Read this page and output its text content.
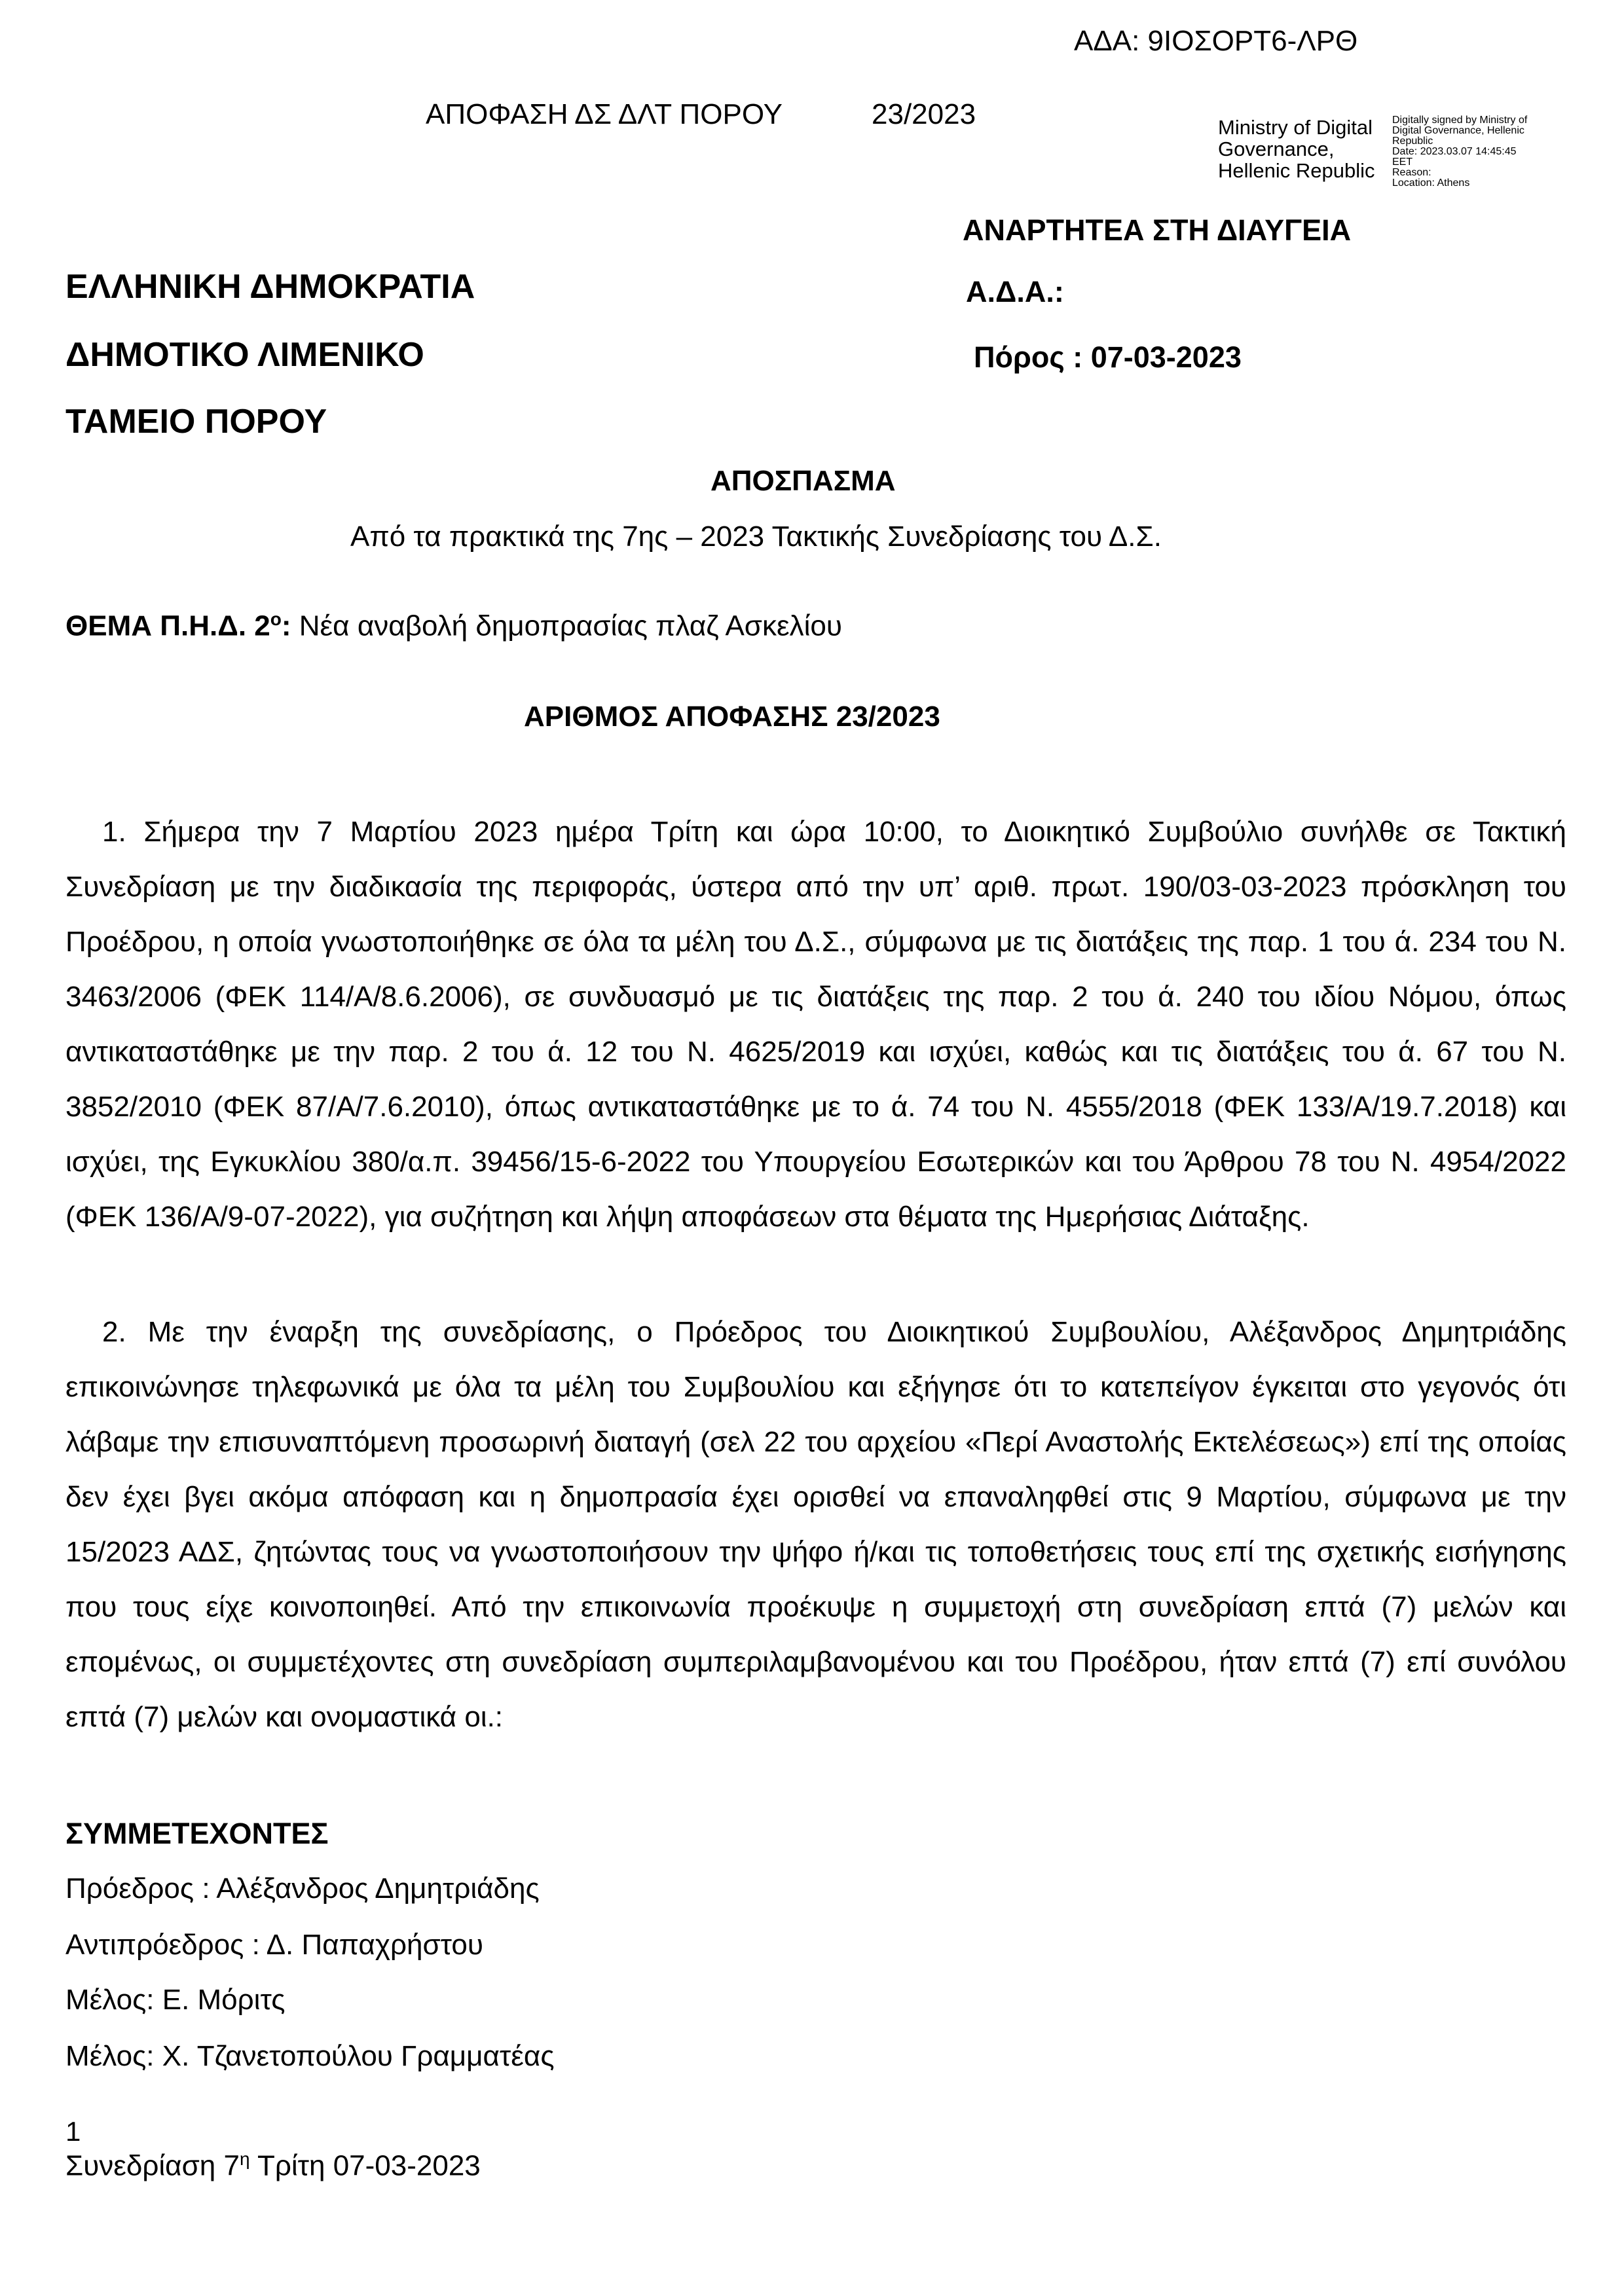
ΑΔΑ: 9ΙΟΣΟΡΤ6-ΛΡΘ
ΑΠΟΦΑΣΗ ΔΣ ΔΛΤ ΠΟΡΟΥ	23/2023	Ministry of Digital
Governance,
Hellenic Republic
Digitally signed by Ministry of
Digital Governance, Hellenic
Republic
Date: 2023.03.07 14:45:45
EET
Reason:
Location: Athens
ΑΝΑΡΤΗΤΕΑ ΣΤΗ ΔΙΑΥΓΕΙΑ
Α.Δ.Α.:
Πόρος : 07-03-2023
ΕΛΛΗΝΙΚΗ ΔΗΜΟΚΡΑΤΙΑ
ΔΗΜΟΤΙΚΟ ΛΙΜΕΝΙΚΟ
ΤΑΜΕΙΟ ΠΟΡΟΥ
ΑΠΟΣΠΑΣΜΑ
Από τα πρακτικά της 7ης – 2023 Τακτικής Συνεδρίασης του Δ.Σ.
ΘΕΜΑ Π.Η.Δ. $2^o$: Νέα αναβολή δημοπρασίας πλαζ Ασκελίου
ΑΡΙΘΜΟΣ ΑΠΟΦΑΣΗΣ 23/2023

1. Σήμερα την 7 Μαρτίου 2023 ημέρα Τρίτη και ώρα 10:00, το Διοικητικό Συμβούλιο συνήλθε σε Τακτική Συνεδρίαση με την διαδικασία της περιφοράς, ύστερα από την υπ’ αριθ. πρωτ. 190/03-03-2023 πρόσκληση του Προέδρου, η οποία γνωστοποιήθηκε σε όλα τα μέλη του Δ.Σ., σύμφωνα με τις διατάξεις της παρ. 1 του ά. 234 του Ν. 3463/2006 (ΦΕΚ 114/Α/8.6.2006), σε συνδυασμό με τις διατάξεις της παρ. 2 του ά. 240 του ιδίου Νόμου, όπως αντικαταστάθηκε με την παρ. 2 του ά. 12 του Ν. 4625/2019 και ισχύει, καθώς και τις διατάξεις του ά. 67 του Ν. 3852/2010 (ΦΕΚ 87/Α/7.6.2010), όπως αντικαταστάθηκε με το ά. 74 του Ν. 4555/2018 (ΦΕΚ 133/Α/19.7.2018) και ισχύει, της Εγκυκλίου 380/α.π. 39456/15-6-2022 του Υπουργείου Εσωτερικών και του Άρθρου 78 του Ν. 4954/2022 (ΦΕΚ 136/Α/9-07-2022), για συζήτηση και λήψη αποφάσεων στα θέματα της Ημερήσιας Διάταξης.

2. Με την έναρξη της συνεδρίασης, ο Πρόεδρος του Διοικητικού Συμβουλίου, Αλέξανδρος Δημητριάδης επικοινώνησε τηλεφωνικά με όλα τα μέλη του Συμβουλίου και εξήγησε ότι το κατεπείγον έγκειται στο γεγονός ότι λάβαμε την επισυναπτόμενη προσωρινή διαταγή (σελ 22 του αρχείου «Περί Αναστολής Εκτελέσεως») επί της οποίας δεν έχει βγει ακόμα απόφαση και η δημοπρασία έχει ορισθεί να επαναληφθεί στις 9 Μαρτίου, σύμφωνα με την 15/2023 ΑΔΣ, ζητώντας τους να γνωστοποιήσουν την ψήφο ή/και τις τοποθετήσεις τους επί της σχετικής εισήγησης που τους είχε κοινοποιηθεί. Από την επικοινωνία προέκυψε η συμμετοχή στη συνεδρίαση επτά (7) μελών και επομένως, οι συμμετέχοντες στη συνεδρίαση συμπεριλαμβανομένου και του Προέδρου, ήταν επτά (7) επί συνόλου επτά (7) μελών και ονομαστικά οι.:

ΣΥΜΜΕΤΕΧΟΝΤΕΣ
Πρόεδρος : Αλέξανδρος Δημητριάδης
Αντιπρόεδρος : Δ. Παπαχρήστου
Μέλος: Ε. Μόριτς
Μέλος: Χ. Τζανετοπούλου Γραμματέας
1
Συνεδρίαση $7^\eta$ Τρίτη 07-03-2023
